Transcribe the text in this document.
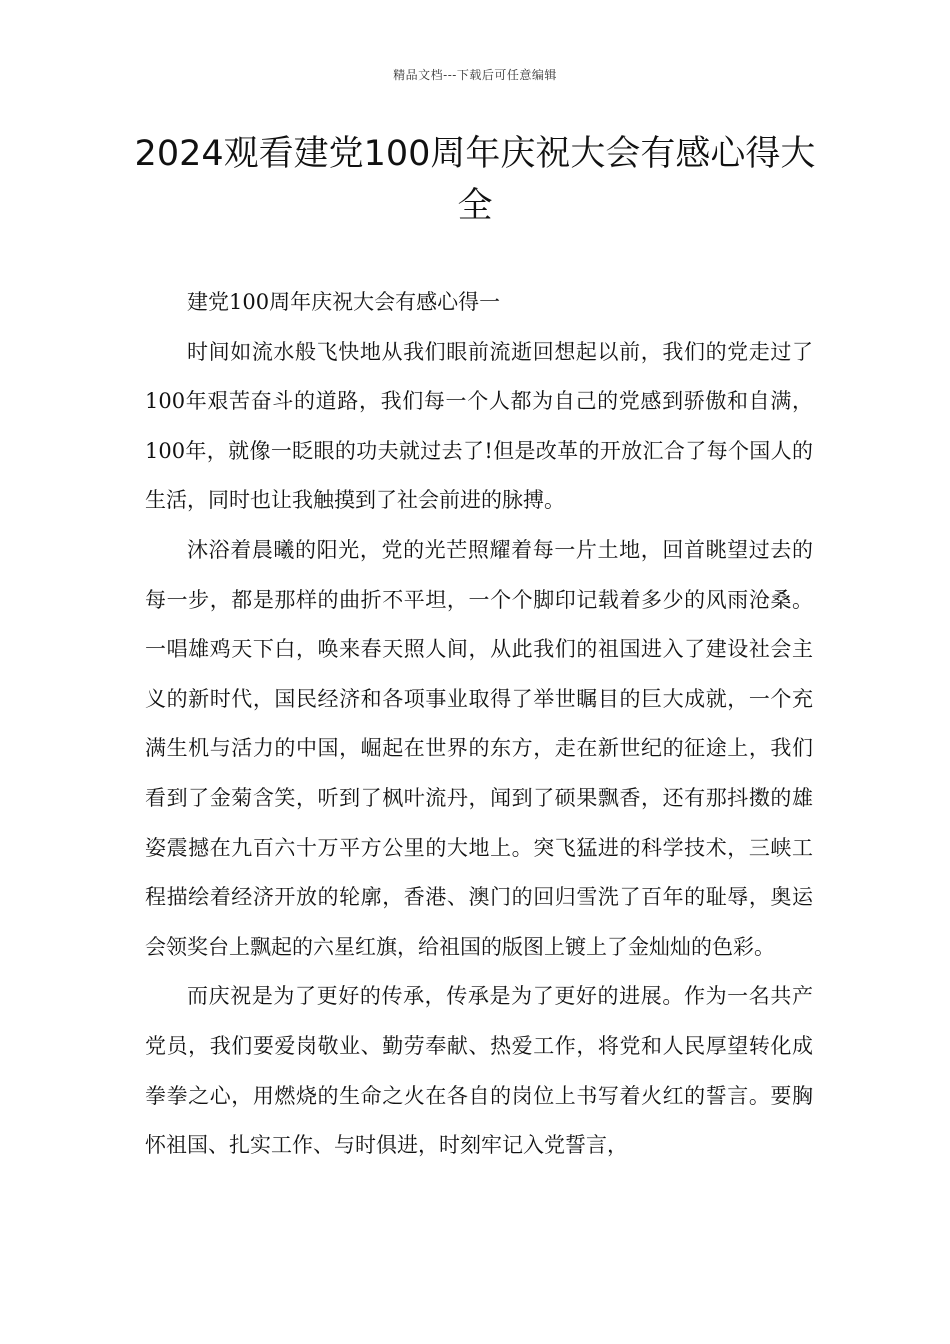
精品文档---下载后可任意编辑
2024观看建党100周年庆祝大会有感心得大全

建党100周年庆祝大会有感心得一

时间如流水般飞快地从我们眼前流逝回想起以前，我们的党走过了100年艰苦奋斗的道路，我们每一个人都为自己的党感到骄傲和自满，100年，就像一眨眼的功夫就过去了!但是改革的开放汇合了每个国人的生活，同时也让我触摸到了社会前进的脉搏。

沐浴着晨曦的阳光，党的光芒照耀着每一片土地，回首眺望过去的每一步，都是那样的曲折不平坦，一个个脚印记载着多少的风雨沧桑。一唱雄鸡天下白，唤来春天照人间，从此我们的祖国进入了建设社会主义的新时代，国民经济和各项事业取得了举世瞩目的巨大成就，一个充满生机与活力的中国，崛起在世界的东方，走在新世纪的征途上，我们看到了金菊含笑，听到了枫叶流丹，闻到了硕果飘香，还有那抖擞的雄姿震撼在九百六十万平方公里的大地上。突飞猛进的科学技术，三峡工程描绘着经济开放的轮廓，香港、澳门的回归雪洗了百年的耻辱，奥运会领奖台上飘起的六星红旗，给祖国的版图上镀上了金灿灿的色彩。

而庆祝是为了更好的传承，传承是为了更好的进展。作为一名共产党员，我们要爱岗敬业、勤劳奉献、热爱工作，将党和人民厚望转化成拳拳之心，用燃烧的生命之火在各自的岗位上书写着火红的誓言。要胸怀祖国、扎实工作、与时俱进，时刻牢记入党誓言，
